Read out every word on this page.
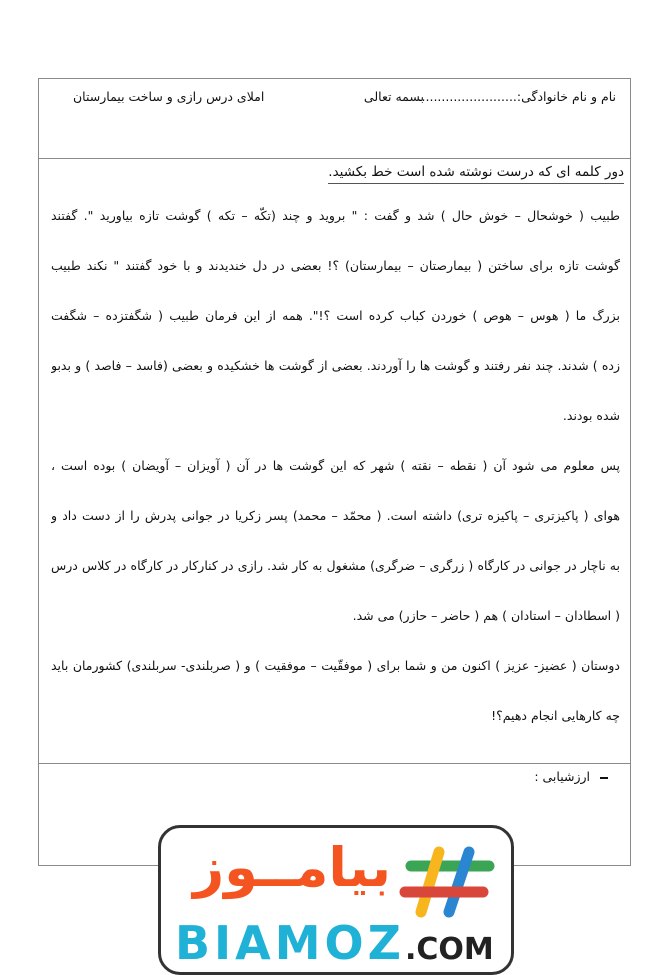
نام و نام خانوادگی:.........................
بسمه تعالی
املای درس رازی و ساخت بیمارستان
دور کلمه ای که درست نوشته شده است خط بکشید.
طبیب ( خوشحال – خوش حال ) شد و گفت : " بروید و چند (تکّه – تکه ) گوشت تازه بیاورید ". گفتند
گوشت تازه برای ساختن ( بیمارصتان – بیمارستان) ؟! بعضی در دل خندیدند و با خود گفتند " نکند طبیب
بزرگ ما ( هوس – هوص ) خوردن کباب کرده است ؟!". همه از این فرمان طبیب ( شگفتزده – شگفت
زده ) شدند. چند نفر رفتند و گوشت ها را آوردند. بعضی از گوشت ها خشکیده و بعضی (فاسد – فاصد ) و بدبو
شده بودند.
پس معلوم می شود آن ( نقطه – نقته ) شهر که این گوشت ها در آن ( آویزان – آویضان ) بوده است ،
هوای ( پاکیزتری – پاکیزه تری) داشته است. ( محمّد – محمد) پسر زکریا در جوانی پدرش را از دست داد و
به ناچار در جوانی در کارگاه ( زرگری – ضرگری) مشغول به کار شد. رازی در کنارکار در کارگاه در کلاس درس
( اسطادان – استادان ) هم ( حاضر – حازر) می شد.
دوستان ( عضیز- عزیز ) اکنون من و شما برای ( موفقّیت – موفقیت ) و ( صربلندی- سربلندی) کشورمان باید
چه کارهایی انجام دهیم؟!
ارزشیابی :
بیامــوز
BIAMOZ.COM
